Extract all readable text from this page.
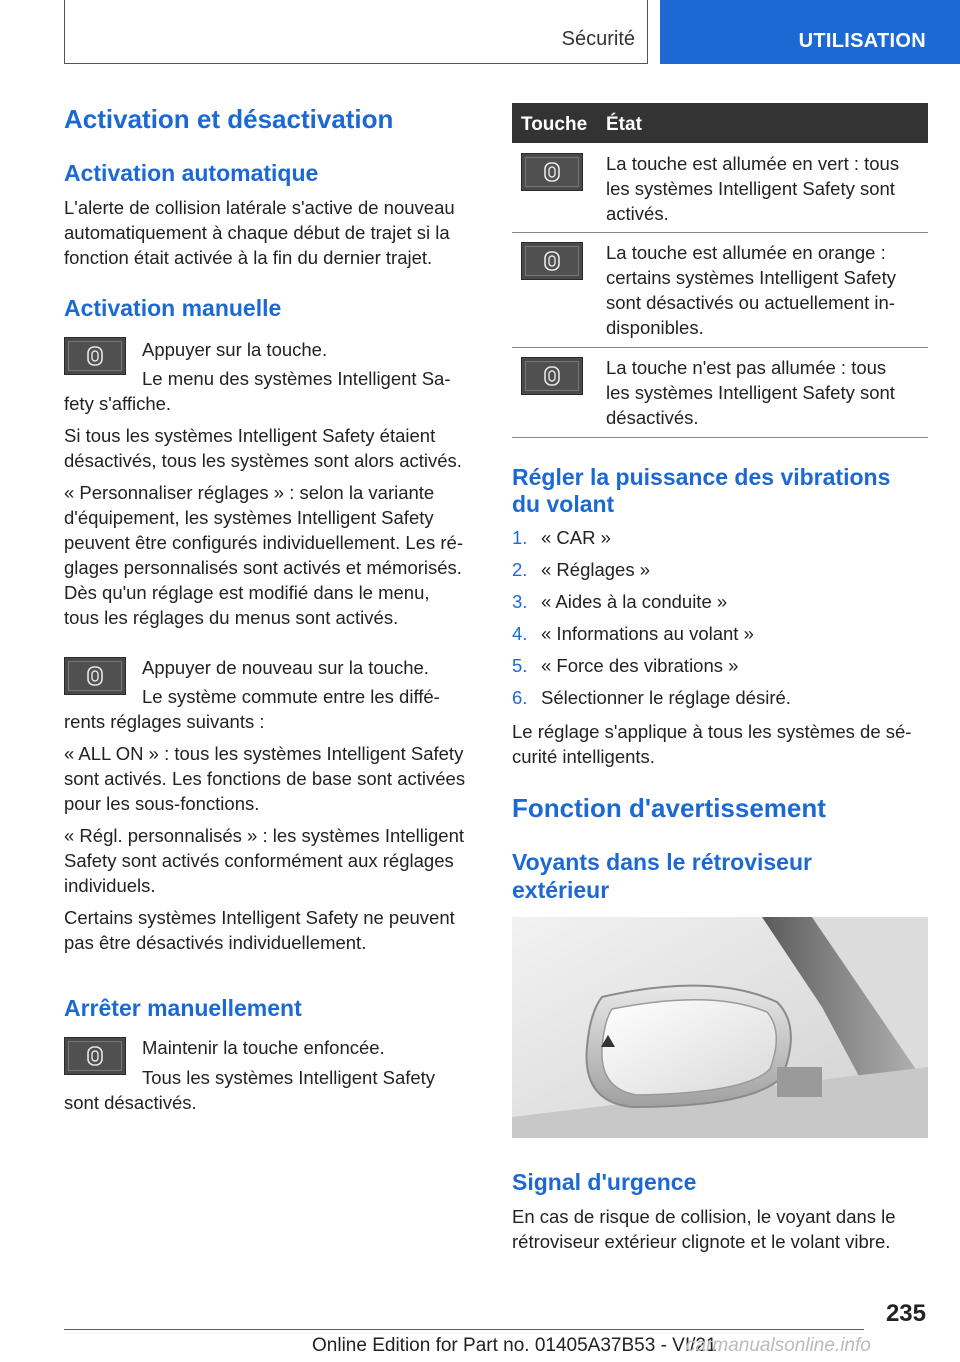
Sécurité	UTILISATION
Activation et désactivation
Activation automatique

L'alerte de collision latérale s'active de nouveau

automatiquement à chaque début de trajet si la

fonction était activée à la fin du dernier trajet.

Activation manuelle

Appuyer sur la touche.

Le menu des systèmes Intelligent Sa‐

fety s'affiche.

Si tous les systèmes Intelligent Safety étaient

désactivés, tous les systèmes sont alors activés.

« Personnaliser réglages » : selon la variante

d'équipement, les systèmes Intelligent Safety

peuvent être configurés individuellement. Les ré‐

glages personnalisés sont activés et mémorisés.

Dès qu'un réglage est modifié dans le menu,

tous les réglages du menus sont activés.

Appuyer de nouveau sur la touche.

Le système commute entre les diffé‐

rents réglages suivants :

« ALL ON » : tous les systèmes Intelligent Safety

sont activés. Les fonctions de base sont activées

pour les sous-fonctions.

« Régl. personnalisés » : les systèmes Intelligent

Safety sont activés conformément aux réglages

individuels.

Certains systèmes Intelligent Safety ne peuvent

pas être désactivés individuellement.

Arrêter manuellement

Maintenir la touche enfoncée.

Tous les systèmes Intelligent Safety

sont désactivés.

Touche État
La touche est allumée en vert : tous
les systèmes Intelligent Safety sont
activés.
La touche est allumée en orange :
certains systèmes Intelligent Safety
sont désactivés ou actuellement in‐
disponibles.
La touche n'est pas allumée : tous
les systèmes Intelligent Safety sont
désactivés.
Régler la puissance des vibrations
du volant
1. « CAR »
2. « Réglages »
3. « Aides à la conduite »
4. « Informations au volant »
5. « Force des vibrations »
6. Sélectionner le réglage désiré.

Le réglage s'applique à tous les systèmes de sé‐

curité intelligents.

Fonction d'avertissement
Voyants dans le rétroviseur
extérieur
Signal d'urgence

En cas de risque de collision, le voyant dans le

rétroviseur extérieur clignote et le volant vibre.

235
Online Edition for Part no. 01405A37B53 - VI/21
carmanualsonline.info
